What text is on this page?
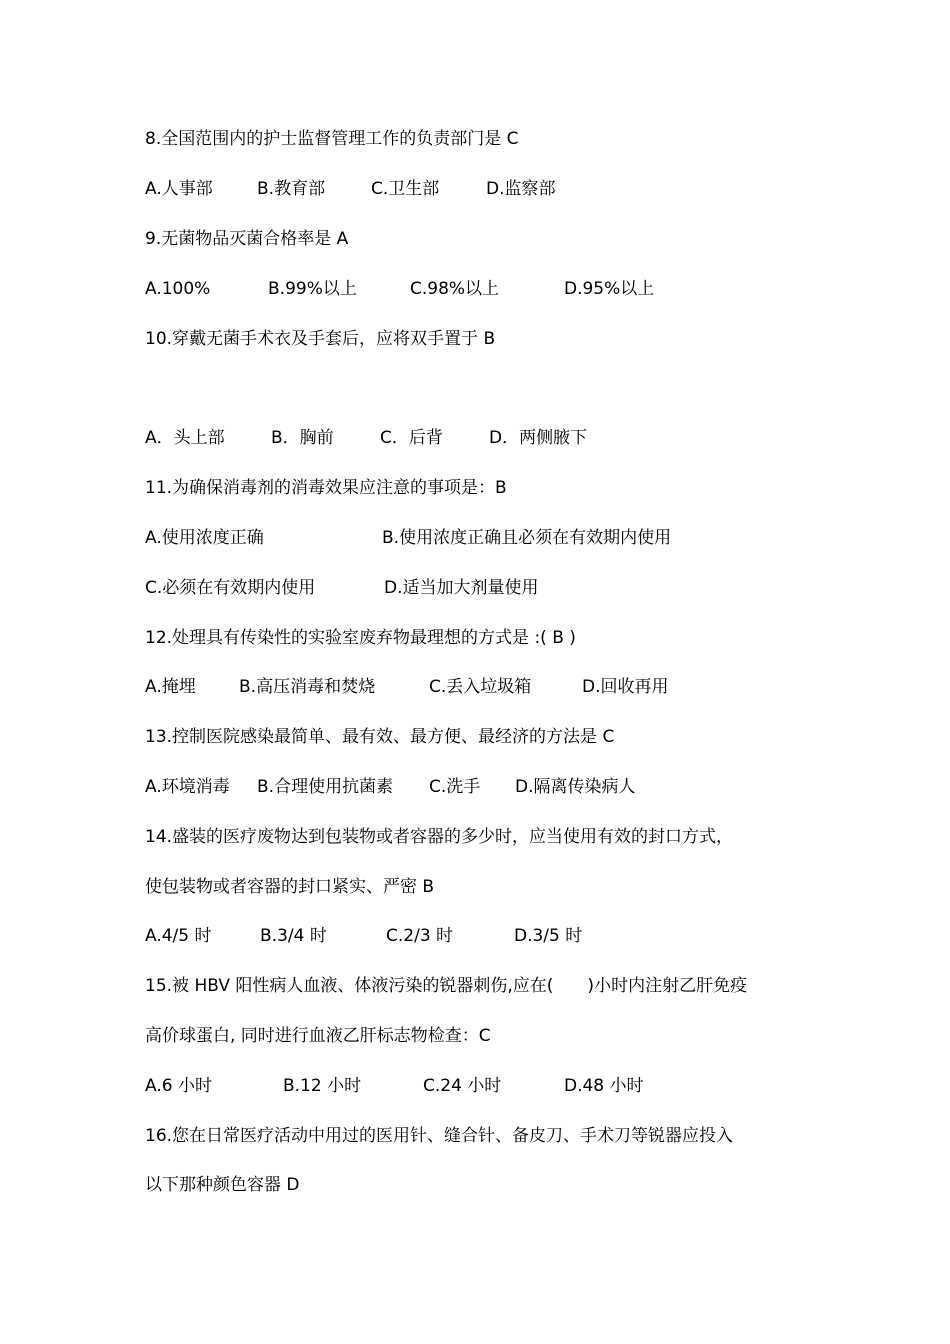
8.全国范围内的护士监督管理工作的负责部门是 C
A.人事部	B.教育部	C.卫生部	D.监察部
9.无菌物品灭菌合格率是 A
A.100%	B.99%以上	C.98%以上	D.95%以上
10.穿戴无菌手术衣及手套后，应将双手置于 B
A．头上部	B．胸前	C．后背	D．两侧腋下
11.为确保消毒剂的消毒效果应注意的事项是：B
A.使用浓度正确	B.使用浓度正确且必须在有效期内使用
C.必须在有效期内使用	D.适当加大剂量使用
12.处理具有传染性的实验室废弃物最理想的方式是 :( B )
A.掩埋	B.高压消毒和焚烧	C.丢入垃圾箱	D.回收再用
13.控制医院感染最简单、最有效、最方便、最经济的方法是 C
A.环境消毒 B.合理使用抗菌素 C.洗手 D.隔离传染病人
14.盛装的医疗废物达到包装物或者容器的多少时，应当使用有效的封口方式，
使包装物或者容器的封口紧实、严密 B
A.4/5 时	B.3/4 时	C.2/3 时	D.3/5 时
15.被 HBV 阳性病人血液、体液污染的锐器刺伤,应在(　　)小时内注射乙肝免疫
高价球蛋白, 同时进行血液乙肝标志物检查：C
A.6 小时	B.12 小时	C.24 小时	D.48 小时
16.您在日常医疗活动中用过的医用针、缝合针、备皮刀、手术刀等锐器应投入
以下那种颜色容器 D
